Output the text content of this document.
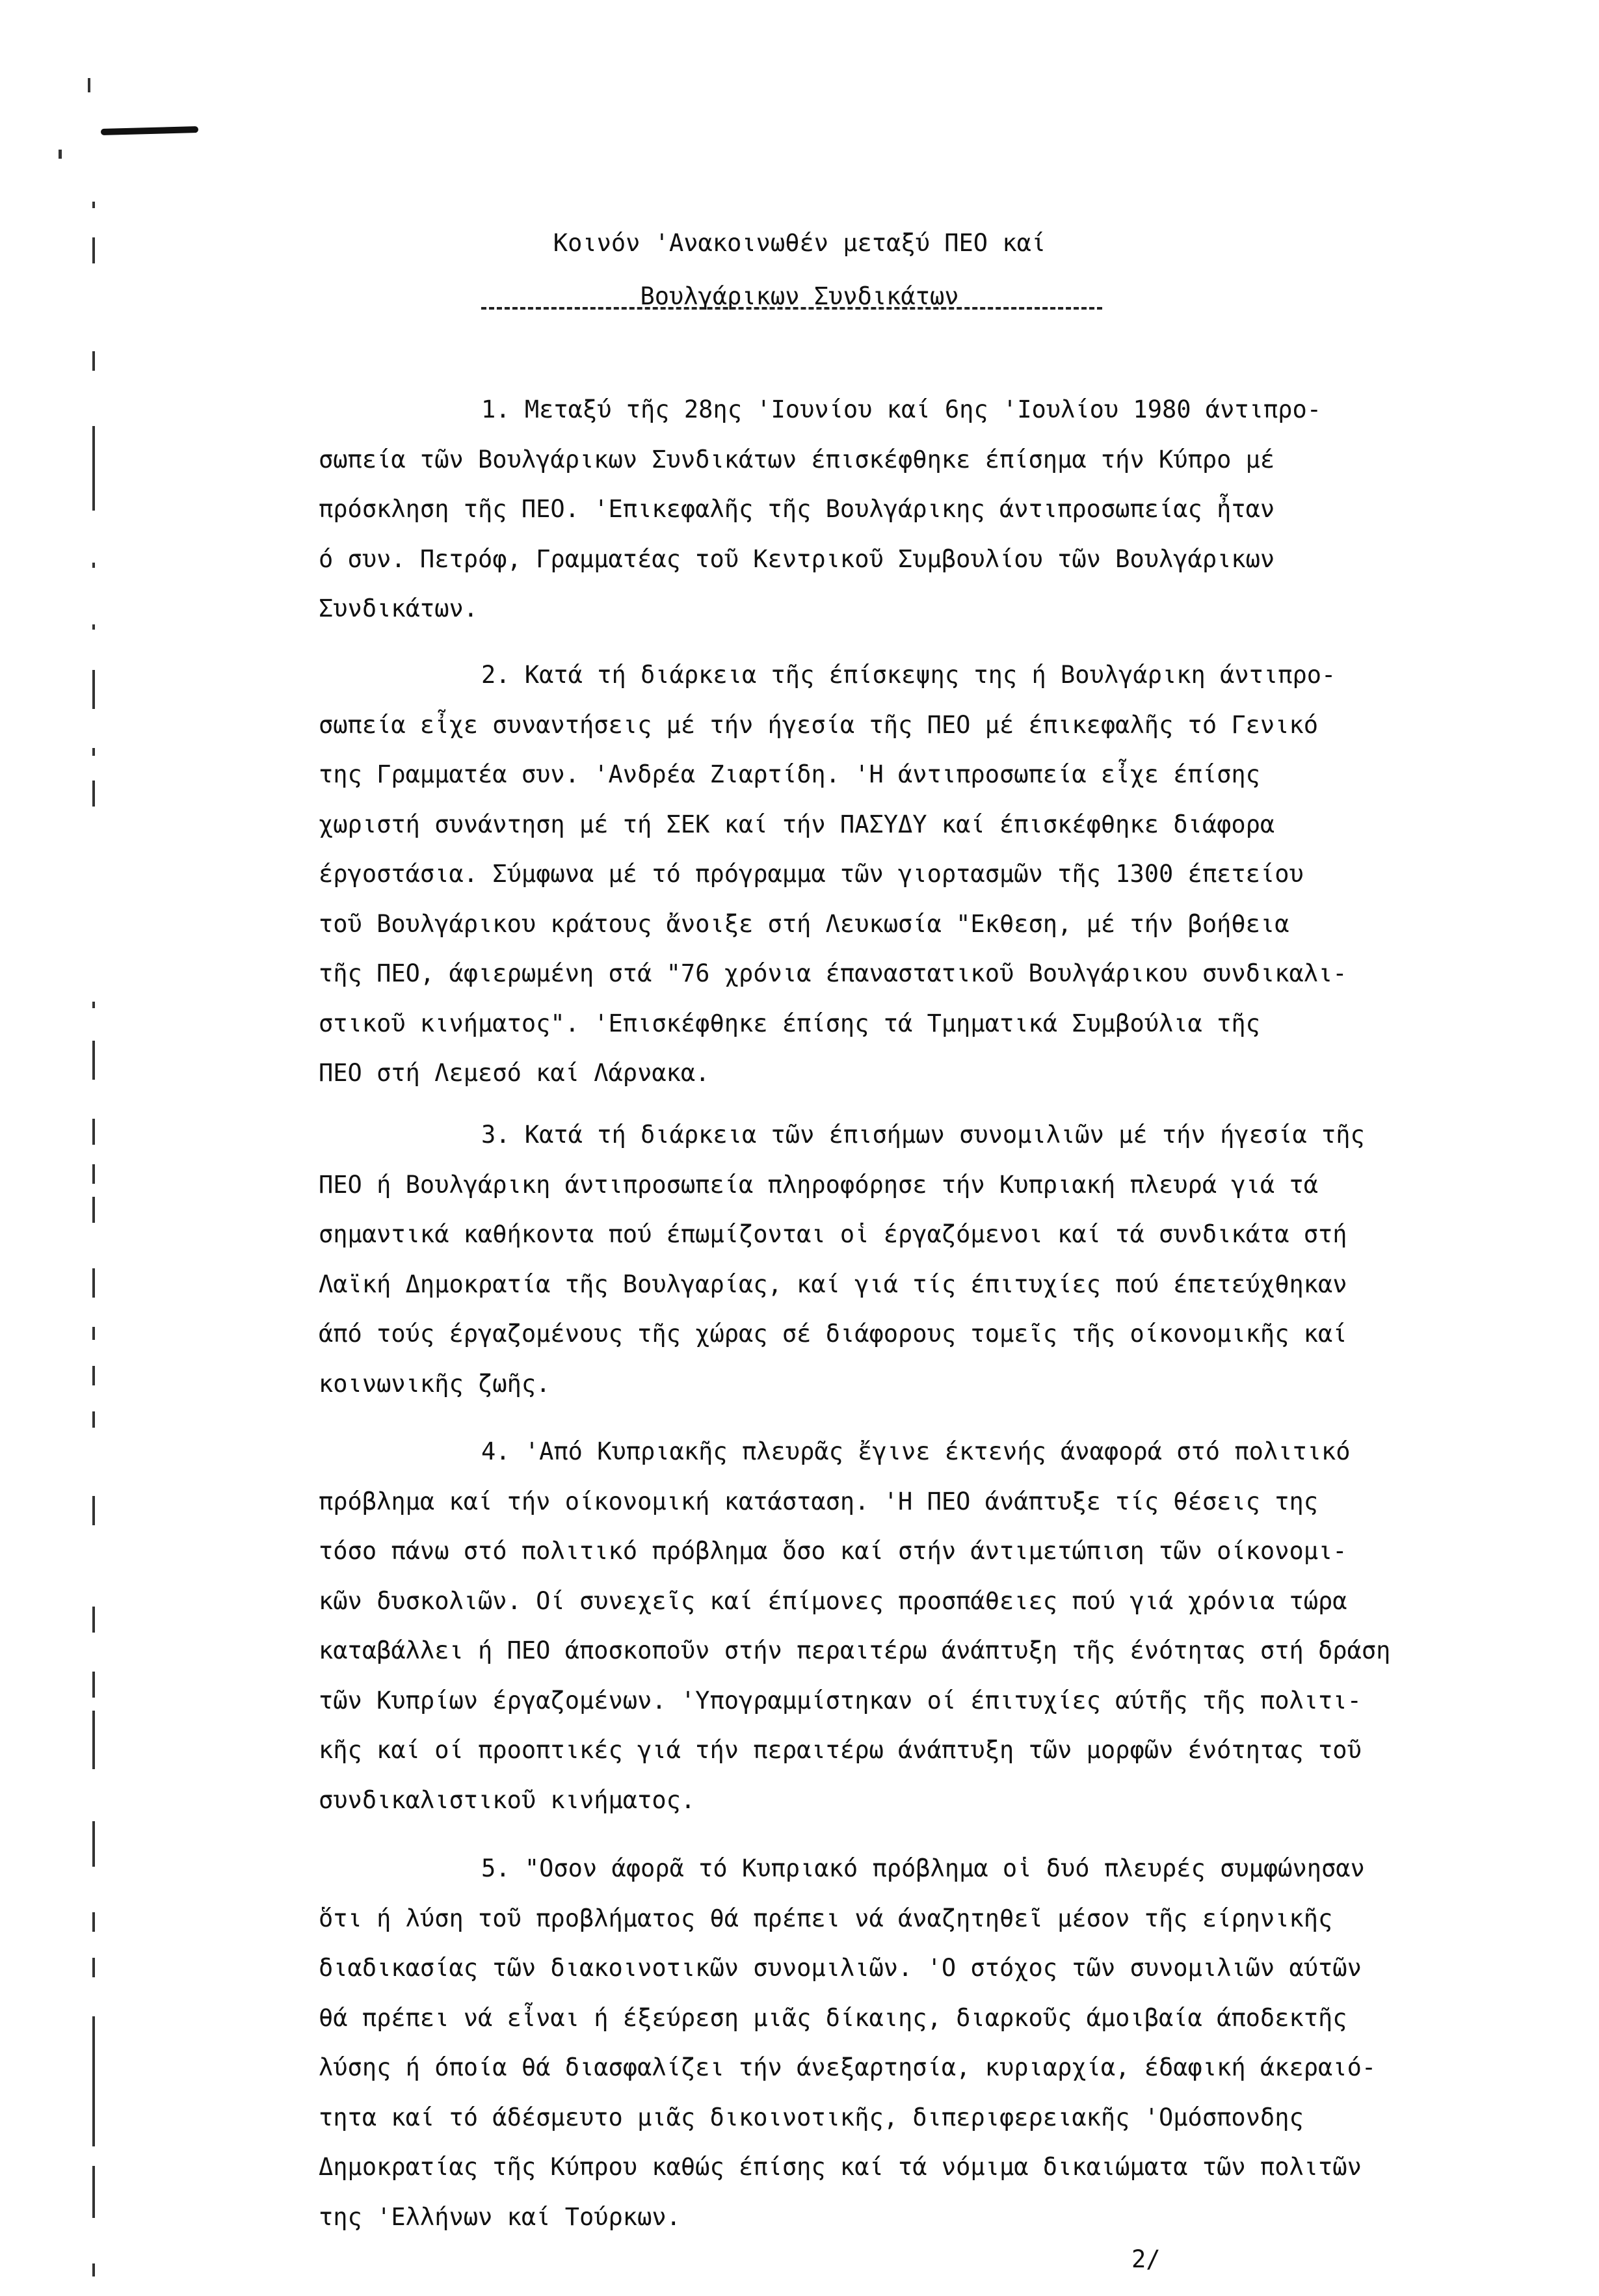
Κοινόν 'Ανακοινωθέν μεταξύ ΠΕΟ καί
Βουλγάρικων Συνδικάτων
1. Μεταξύ τῆς 28ης 'Ιουνίου καί 6ης 'Ιουλίου 1980 άντιπρο-
σωπεία τῶν Βουλγάρικων Συνδικάτων έπισκέφθηκε έπίσημα τήν Κύπρο μέ
πρόσκληση τῆς ΠΕΟ. 'Επικεφαλῆς τῆς Βουλγάρικης άντιπροσωπείας ἦταν
ό συν. Πετρόφ, Γραμματέας τοῦ Κεντρικοῦ Συμβουλίου τῶν Βουλγάρικων
Συνδικάτων.
2. Κατά τή διάρκεια τῆς έπίσκεψης της ή Βουλγάρικη άντιπρο-
σωπεία εἶχε συναντήσεις μέ τήν ήγεσία τῆς ΠΕΟ μέ έπικεφαλῆς τό Γενικό
της Γραμματέα συν. 'Ανδρέα Ζιαρτίδη. 'Η άντιπροσωπεία εἶχε έπίσης
χωριστή συνάντηση μέ τή ΣΕΚ καί τήν ΠΑΣΥΔΥ καί έπισκέφθηκε διάφορα
έργοστάσια. Σύμφωνα μέ τό πρόγραμμα τῶν γιορτασμῶν τῆς 1300 έπετείου
τοῦ Βουλγάρικου κράτους ἄνοιξε στή Λευκωσία "Εκθεση, μέ τήν βοήθεια
τῆς ΠΕΟ, άφιερωμένη στά "76 χρόνια έπαναστατικοῦ Βουλγάρικου συνδικαλι-
στικοῦ κινήματος". 'Επισκέφθηκε έπίσης τά Τμηματικά Συμβούλια τῆς
ΠΕΟ στή Λεμεσό καί Λάρνακα.
3. Κατά τή διάρκεια τῶν έπισήμων συνομιλιῶν μέ τήν ήγεσία τῆς
ΠΕΟ ή Βουλγάρικη άντιπροσωπεία πληροφόρησε τήν Κυπριακή πλευρά γιά τά
σημαντικά καθήκοντα πού έπωμίζονται οἱ έργαζόμενοι καί τά συνδικάτα στή
Λαϊκή Δημοκρατία τῆς Βουλγαρίας, καί γιά τίς έπιτυχίες πού έπετεύχθηκαν
άπό τούς έργαζομένους τῆς χώρας σέ διάφορους τομεῖς τῆς οίκονομικῆς καί
κοινωνικῆς ζωῆς.
4. 'Από Κυπριακῆς πλευρᾶς ἔγινε έκτενής άναφορά στό πολιτικό
πρόβλημα καί τήν οίκονομική κατάσταση. 'Η ΠΕΟ άνάπτυξε τίς θέσεις της
τόσο πάνω στό πολιτικό πρόβλημα ὅσο καί στήν άντιμετώπιση τῶν οίκονομι-
κῶν δυσκολιῶν. Οί συνεχεῖς καί έπίμονες προσπάθειες πού γιά χρόνια τώρα
καταβάλλει ή ΠΕΟ άποσκοποῦν στήν περαιτέρω άνάπτυξη τῆς ένότητας στή δράση
τῶν Κυπρίων έργαζομένων. 'Υπογραμμίστηκαν οί έπιτυχίες αύτῆς τῆς πολιτι-
κῆς καί οί προοπτικές γιά τήν περαιτέρω άνάπτυξη τῶν μορφῶν ένότητας τοῦ
συνδικαλιστικοῦ κινήματος.
5. "Οσον άφορᾶ τό Κυπριακό πρόβλημα οἱ δυό πλευρές συμφώνησαν
ὅτι ή λύση τοῦ προβλήματος θά πρέπει νά άναζητηθεῖ μέσον τῆς είρηνικῆς
διαδικασίας τῶν διακοινοτικῶν συνομιλιῶν. 'Ο στόχος τῶν συνομιλιῶν αύτῶν
θά πρέπει νά εἶναι ή έξεύρεση μιᾶς δίκαιης, διαρκοῦς άμοιβαία άποδεκτῆς
λύσης ή όποία θά διασφαλίζει τήν άνεξαρτησία, κυριαρχία, έδαφική άκεραιό-
τητα καί τό άδέσμευτο μιᾶς δικοινοτικῆς, διπεριφερειακῆς 'Ομόσπονδης
Δημοκρατίας τῆς Κύπρου καθώς έπίσης καί τά νόμιμα δικαιώματα τῶν πολιτῶν
της 'Ελλήνων καί Τούρκων.
2/
